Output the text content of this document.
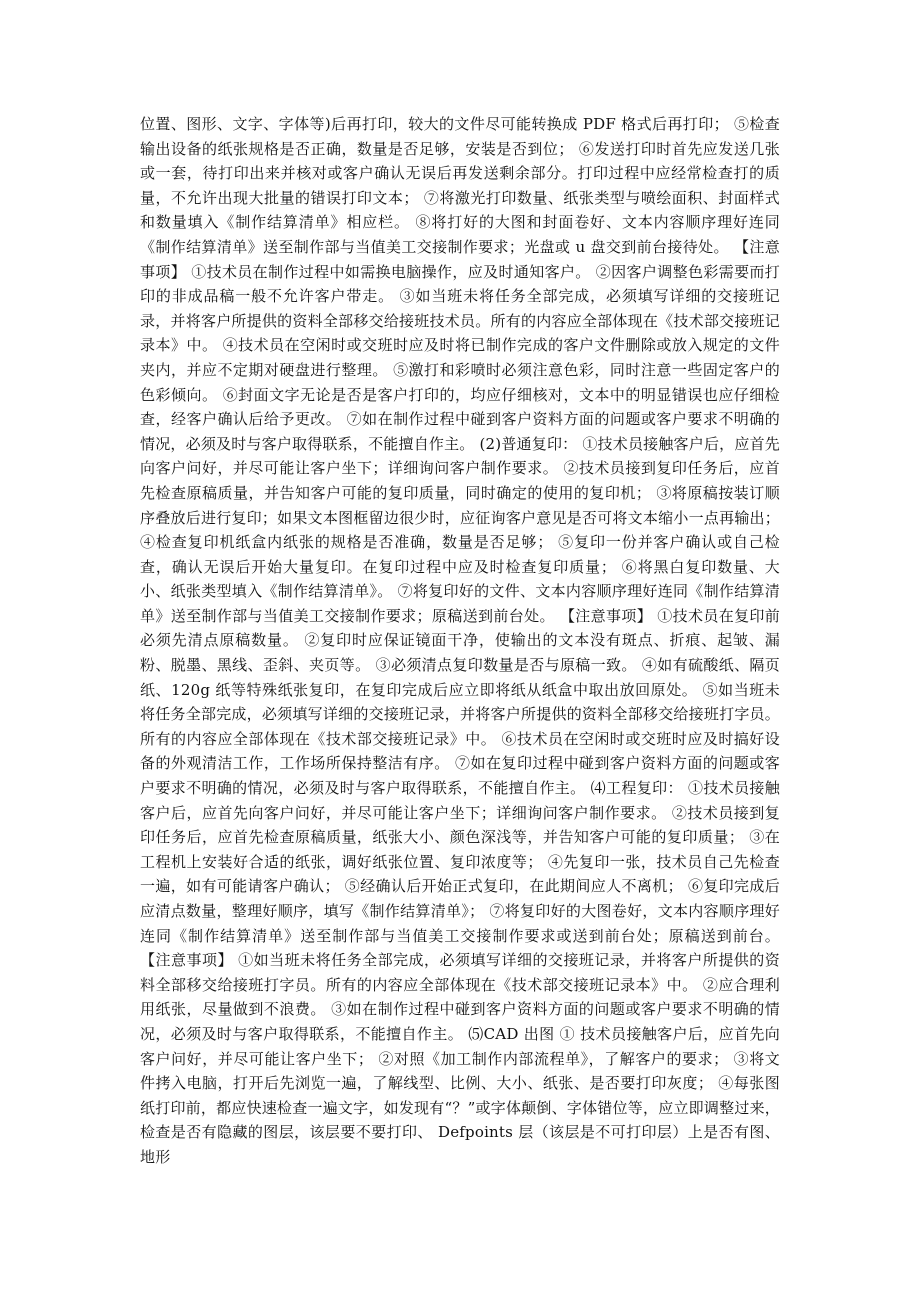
位置、图形、文字、字体等)后再打印，较大的文件尽可能转换成 PDF 格式后再打印； ⑤检查输出设备的纸张规格是否正确，数量是否足够，安装是否到位； ⑥发送打印时首先应发送几张或一套，待打印出来并核对或客户确认无误后再发送剩余部分。打印过程中应经常检查打的质量，不允许出现大批量的错误打印文本； ⑦将激光打印数量、纸张类型与喷绘面积、封面样式和数量填入《制作结算清单》相应栏。 ⑧将打好的大图和封面卷好、文本内容顺序理好连同《制作结算清单》送至制作部与当值美工交接制作要求；光盘或 u 盘交到前台接待处。 【注意事项】 ①技术员在制作过程中如需换电脑操作，应及时通知客户。 ②因客户调整色彩需要而打印的非成品稿一般不允许客户带走。 ③如当班未将任务全部完成，必须填写详细的交接班记录，并将客户所提供的资料全部移交给接班技术员。所有的内容应全部体现在《技术部交接班记录本》中。 ④技术员在空闲时或交班时应及时将已制作完成的客户文件删除或放入规定的文件夹内，并应不定期对硬盘进行整理。 ⑤激打和彩喷时必须注意色彩，同时注意一些固定客户的色彩倾向。 ⑥封面文字无论是否是客户打印的，均应仔细核对，文本中的明显错误也应仔细检查，经客户确认后给予更改。 ⑦如在制作过程中碰到客户资料方面的问题或客户要求不明确的情况，必须及时与客户取得联系，不能擅自作主。 (2)普通复印： ①技术员接触客户后，应首先向客户问好，并尽可能让客户坐下；详细询问客户制作要求。 ②技术员接到复印任务后，应首先检查原稿质量，并告知客户可能的复印质量，同时确定的使用的复印机； ③将原稿按装订顺序叠放后进行复印；如果文本图框留边很少时，应征询客户意见是否可将文本缩小一点再输出； ④检查复印机纸盒内纸张的规格是否准确，数量是否足够； ⑤复印一份并客户确认或自己检查，确认无误后开始大量复印。在复印过程中应及时检查复印质量； ⑥将黑白复印数量、大小、纸张类型填入《制作结算清单》。 ⑦将复印好的文件、文本内容顺序理好连同《制作结算清单》送至制作部与当值美工交接制作要求；原稿送到前台处。 【注意事项】 ①技术员在复印前必须先清点原稿数量。 ②复印时应保证镜面干净，使输出的文本没有斑点、折痕、起皱、漏粉、脱墨、黑线、歪斜、夹页等。 ③必须清点复印数量是否与原稿一致。 ④如有硫酸纸、隔页纸、120g 纸等特殊纸张复印，在复印完成后应立即将纸从纸盒中取出放回原处。 ⑤如当班未将任务全部完成，必须填写详细的交接班记录，并将客户所提供的资料全部移交给接班打字员。所有的内容应全部体现在《技术部交接班记录》中。 ⑥技术员在空闲时或交班时应及时搞好设备的外观清洁工作，工作场所保持整洁有序。 ⑦如在复印过程中碰到客户资料方面的问题或客户要求不明确的情况，必须及时与客户取得联系，不能擅自作主。 ⑷工程复印： ①技术员接触客户后，应首先向客户问好，并尽可能让客户坐下；详细询问客户制作要求。 ②技术员接到复印任务后，应首先检查原稿质量，纸张大小、颜色深浅等，并告知客户可能的复印质量； ③在工程机上安装好合适的纸张，调好纸张位置、复印浓度等； ④先复印一张，技术员自己先检查一遍，如有可能请客户确认； ⑤经确认后开始正式复印，在此期间应人不离机； ⑥复印完成后应清点数量，整理好顺序，填写《制作结算清单》； ⑦将复印好的大图卷好，文本内容顺序理好连同《制作结算清单》送至制作部与当值美工交接制作要求或送到前台处；原稿送到前台。 【注意事项】 ①如当班未将任务全部完成，必须填写详细的交接班记录，并将客户所提供的资料全部移交给接班打字员。所有的内容应全部体现在《技术部交接班记录本》中。 ②应合理利用纸张，尽量做到不浪费。 ③如在制作过程中碰到客户资料方面的问题或客户要求不明确的情况，必须及时与客户取得联系，不能擅自作主。 ⑸CAD 出图 ① 技术员接触客户后，应首先向客户问好，并尽可能让客户坐下； ②对照《加工制作内部流程单》，了解客户的要求； ③将文件拷入电脑，打开后先浏览一遍，了解线型、比例、大小、纸张、是否要打印灰度； ④每张图纸打印前，都应快速检查一遍文字，如发现有“？”或字体颠倒、字体错位等，应立即调整过来，检查是否有隐藏的图层，该层要不要打印、 Defpoints 层（该层是不可打印层）上是否有图、地形
